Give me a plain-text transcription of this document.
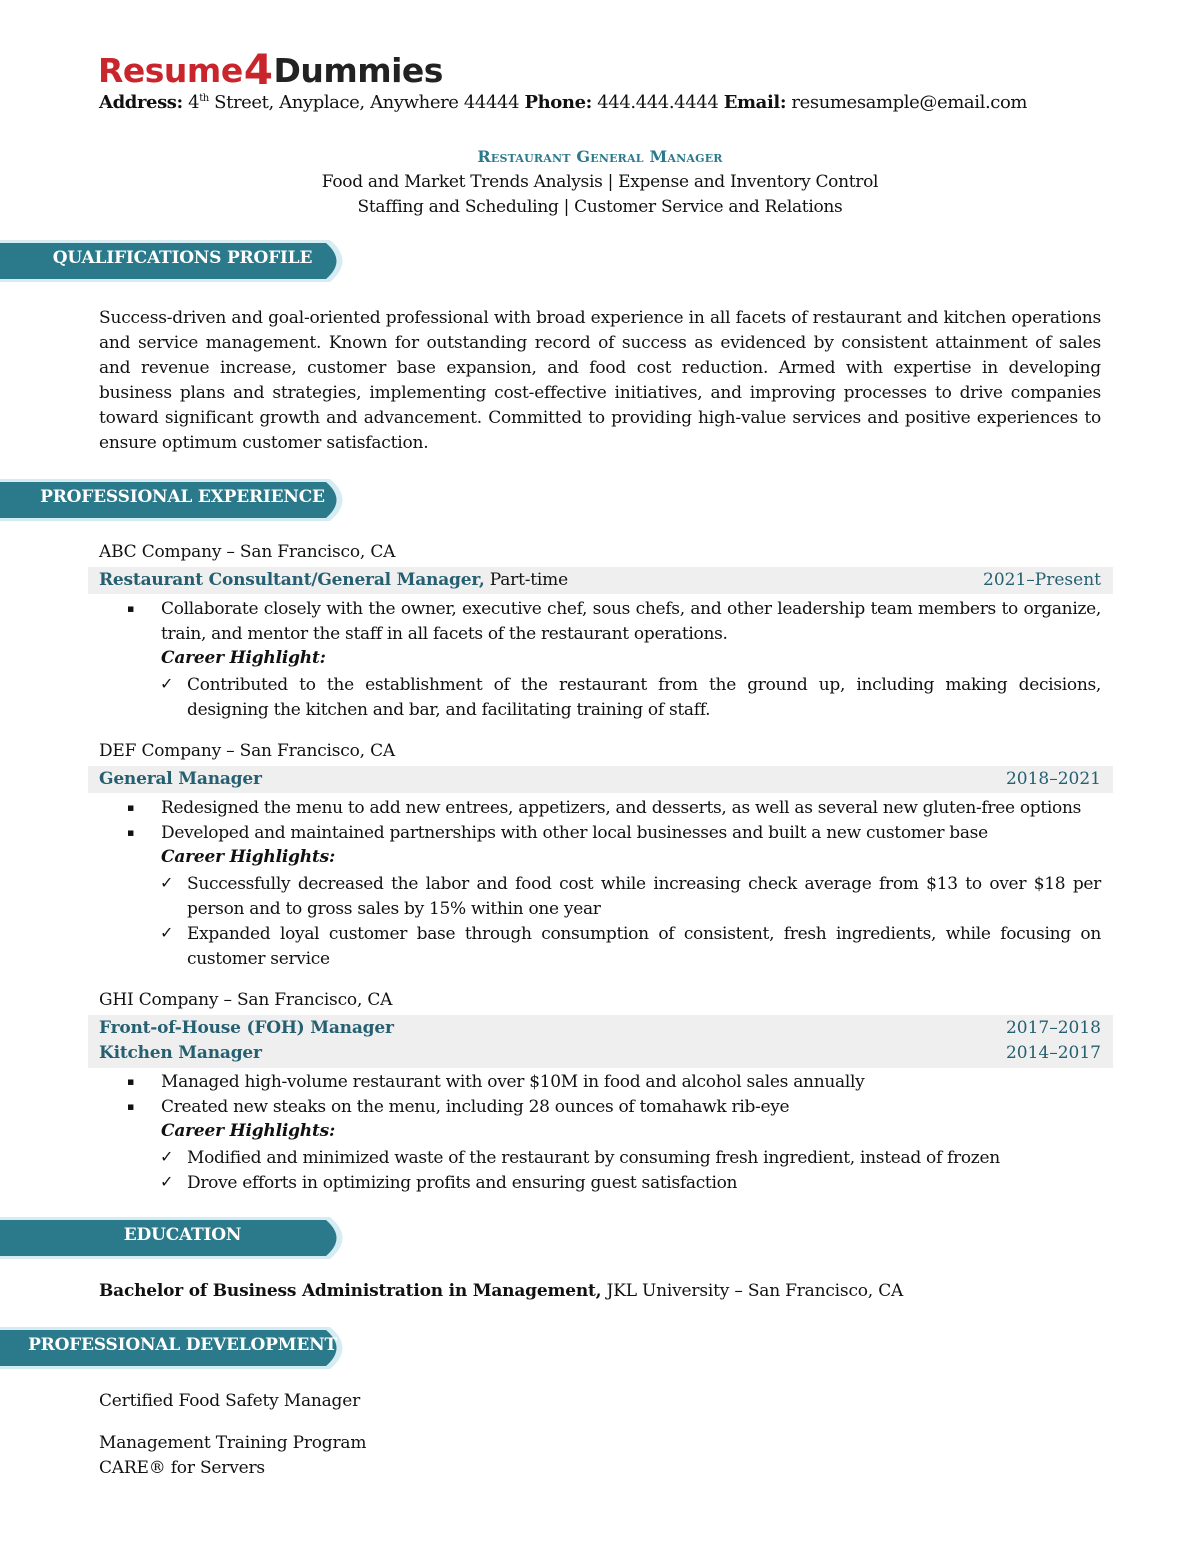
Resume 4 Dummies
Address: 4th Street, Anyplace, Anywhere 44444 Phone: 444.444.4444 Email: resumesample@email.com
Restaurant General Manager
Food and Market Trends Analysis | Expense and Inventory Control
Staffing and Scheduling | Customer Service and Relations
QUALIFICATIONS PROFILE
Success-driven and goal-oriented professional with broad experience in all facets of restaurant and kitchen operations and service management. Known for outstanding record of success as evidenced by consistent attainment of sales and revenue increase, customer base expansion, and food cost reduction. Armed with expertise in developing business plans and strategies, implementing cost-effective initiatives, and improving processes to drive companies toward significant growth and advancement. Committed to providing high-value services and positive experiences to ensure optimum customer satisfaction.
PROFESSIONAL EXPERIENCE
ABC Company – San Francisco, CA
Restaurant Consultant/General Manager, Part-time	2021–Present
▪ Collaborate closely with the owner, executive chef, sous chefs, and other leadership team members to organize, train, and mentor the staff in all facets of the restaurant operations.
Career Highlight:
✓ Contributed to the establishment of the restaurant from the ground up, including making decisions, designing the kitchen and bar, and facilitating training of staff.
DEF Company – San Francisco, CA
General Manager	2018–2021
▪ Redesigned the menu to add new entrees, appetizers, and desserts, as well as several new gluten-free options
▪ Developed and maintained partnerships with other local businesses and built a new customer base
Career Highlights:
✓ Successfully decreased the labor and food cost while increasing check average from $13 to over $18 per person and to gross sales by 15% within one year
✓ Expanded loyal customer base through consumption of consistent, fresh ingredients, while focusing on customer service
GHI Company – San Francisco, CA
Front-of-House (FOH) Manager	2017–2018
Kitchen Manager	2014–2017
▪ Managed high-volume restaurant with over $10M in food and alcohol sales annually
▪ Created new steaks on the menu, including 28 ounces of tomahawk rib-eye
Career Highlights:
✓ Modified and minimized waste of the restaurant by consuming fresh ingredient, instead of frozen
✓ Drove efforts in optimizing profits and ensuring guest satisfaction
EDUCATION
Bachelor of Business Administration in Management, JKL University – San Francisco, CA
PROFESSIONAL DEVELOPMENT
Certified Food Safety Manager
Management Training Program
CARE® for Servers
